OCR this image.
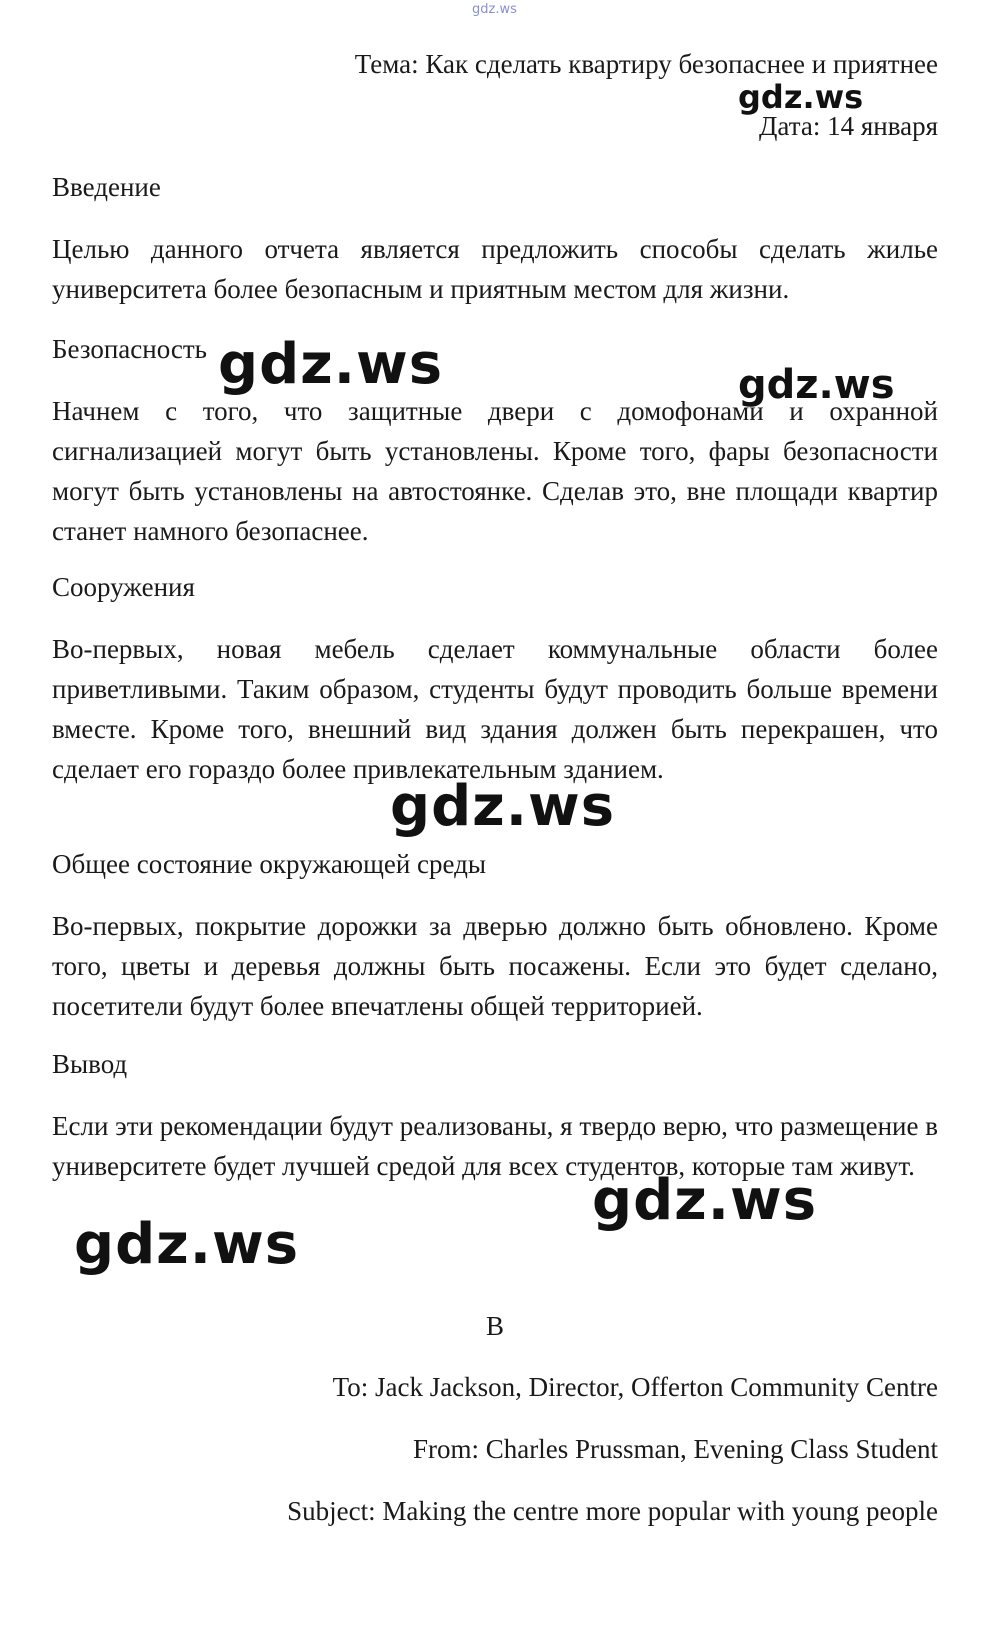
gdz.ws
Тема: Как сделать квартиру безопаснее и приятнее
gdz.ws
Дата: 14 января
Введение
Целью данного отчета является предложить способы сделать жилье университета более безопасным и приятным местом для жизни.
Безопасность
Начнем с того, что защитные двери с домофонами и охранной сигнализацией могут быть установлены. Кроме того, фары безопасности могут быть установлены на автостоянке. Сделав это, вне площади квартир станет намного безопаснее.
Сооружения
Во-первых, новая мебель сделает коммунальные области более приветливыми. Таким образом, студенты будут проводить больше времени вместе. Кроме того, внешний вид здания должен быть перекрашен, что сделает его гораздо более привлекательным зданием.
Общее состояние окружающей среды
Во-первых, покрытие дорожки за дверью должно быть обновлено. Кроме того, цветы и деревья должны быть посажены. Если это будет сделано, посетители будут более впечатлены общей территорией.
Вывод
Если эти рекомендации будут реализованы, я твердо верю, что размещение в университете будет лучшей средой для всех студентов, которые там живут.
B
To: Jack Jackson, Director, Offerton Community Centre
From: Charles Prussman, Evening Class Student
Subject: Making the centre more popular with young people
gdz.ws	gdz.ws
gdz.ws
gdz.ws
gdz.ws
